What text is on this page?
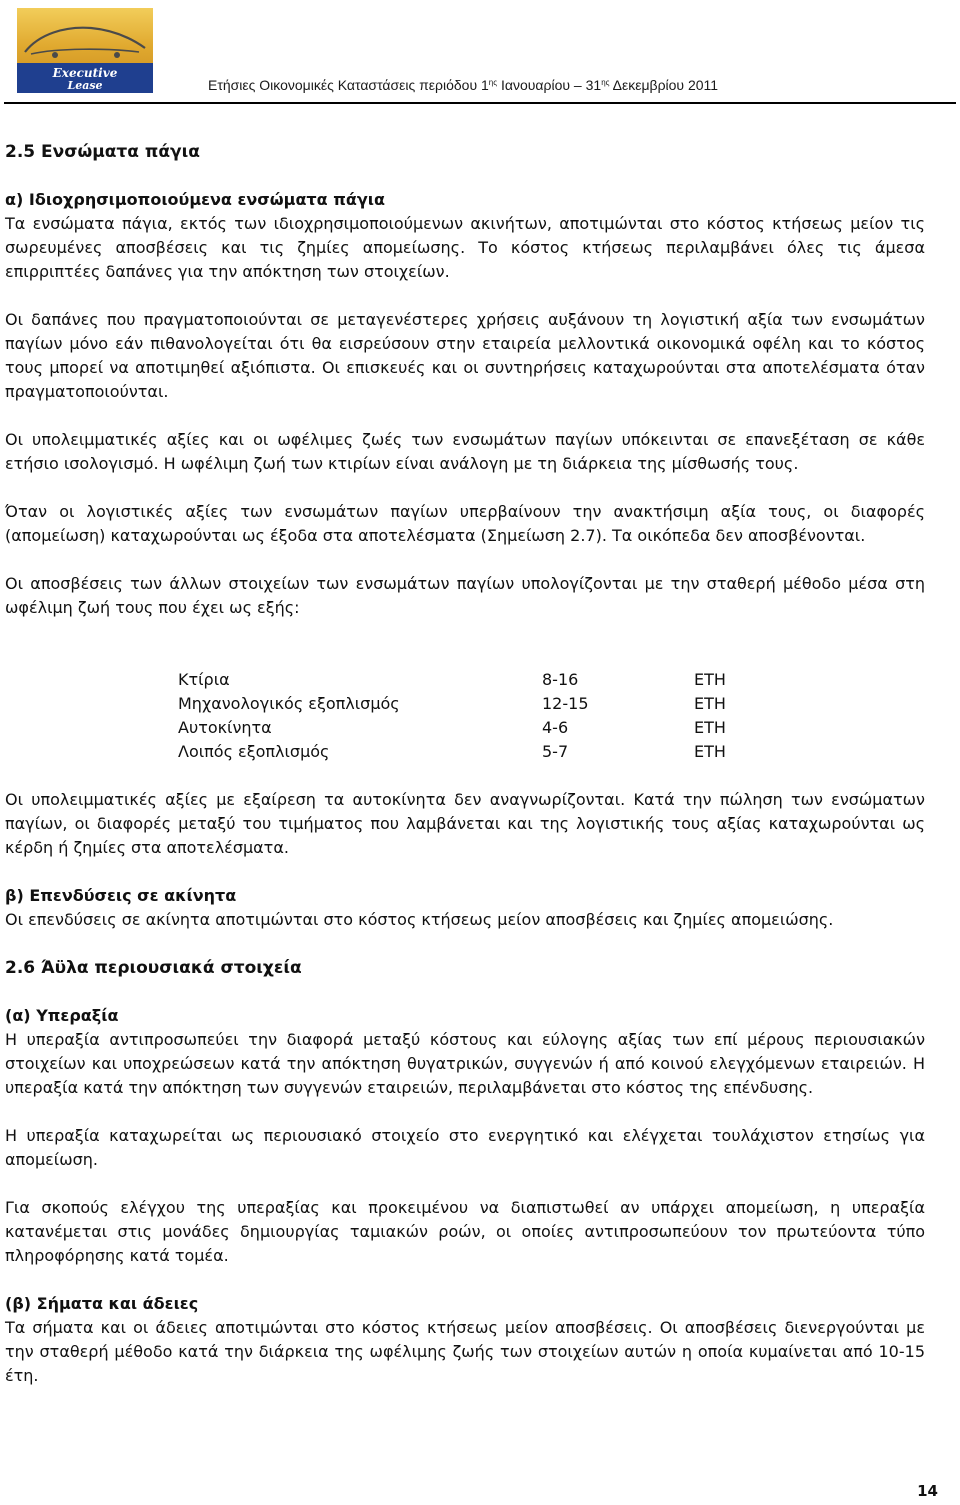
Executive
Lease	Ετήσιες Οικονομικές Καταστάσεις περιόδου $1^{\eta\varsigma}$ Ιανουαρίου – $31^{\eta\varsigma}$ Δεκεμβρίου 2011
2.5 Ενσώματα πάγια

α) Ιδιοχρησιμοποιούμενα ενσώματα πάγια

Τα ενσώματα πάγια, εκτός των ιδιοχρησιμοποιούμενων ακινήτων, αποτιμώνται στο κόστος κτήσεως μείον τις σωρευμένες αποσβέσεις και τις ζημίες απομείωσης. Το κόστος κτήσεως περιλαμβάνει όλες τις άμεσα επιρριπτέες δαπάνες για την απόκτηση των στοιχείων.

Οι δαπάνες που πραγματοποιούνται σε μεταγενέστερες χρήσεις αυξάνουν τη λογιστική αξία των ενσωμάτων παγίων μόνο εάν πιθανολογείται ότι θα εισρεύσουν στην εταιρεία μελλοντικά οικονομικά οφέλη και το κόστος τους μπορεί να αποτιμηθεί αξιόπιστα. Οι επισκευές και οι συντηρήσεις καταχωρούνται στα αποτελέσματα όταν πραγματοποιούνται.

Οι υπολειμματικές αξίες και οι ωφέλιμες ζωές των ενσωμάτων παγίων υπόκεινται σε επανεξέταση σε κάθε ετήσιο ισολογισμό. Η ωφέλιμη ζωή των κτιρίων είναι ανάλογη με τη διάρκεια της μίσθωσής τους.

Όταν οι λογιστικές αξίες των ενσωμάτων παγίων υπερβαίνουν την ανακτήσιμη αξία τους, οι διαφορές (απομείωση) καταχωρούνται ως έξοδα στα αποτελέσματα (Σημείωση 2.7). Τα οικόπεδα δεν αποσβένονται.

Οι αποσβέσεις των άλλων στοιχείων των ενσωμάτων παγίων υπολογίζονται με την σταθερή μέθοδο μέσα στη ωφέλιμη ζωή τους που έχει ως εξής:

Κτίρια	8-16	ΕΤΗ
Μηχανολογικός εξοπλισμός	12-15	ΕΤΗ
Αυτοκίνητα	4-6	ΕΤΗ
Λοιπός εξοπλισμός	5-7	ΕΤΗ

Οι υπολειμματικές αξίες με εξαίρεση τα αυτοκίνητα δεν αναγνωρίζονται. Κατά την πώληση των ενσώματων παγίων, οι διαφορές μεταξύ του τιμήματος που λαμβάνεται και της λογιστικής τους αξίας καταχωρούνται ως κέρδη ή ζημίες στα αποτελέσματα.

β) Επενδύσεις σε ακίνητα

Οι επενδύσεις σε ακίνητα αποτιμώνται στο κόστος κτήσεως μείον αποσβέσεις και ζημίες απομειώσης.

2.6 Άϋλα περιουσιακά στοιχεία

(α) Υπεραξία

Η υπεραξία αντιπροσωπεύει την διαφορά μεταξύ κόστους και εύλογης αξίας των επί μέρους περιουσιακών στοιχείων και υποχρεώσεων κατά την απόκτηση θυγατρικών, συγγενών ή από κοινού ελεγχόμενων εταιρειών. Η υπεραξία κατά την απόκτηση των συγγενών εταιρειών, περιλαμβάνεται στο κόστος της επένδυσης.

Η υπεραξία καταχωρείται ως περιουσιακό στοιχείο στο ενεργητικό και ελέγχεται τουλάχιστον ετησίως για απομείωση.

Για σκοπούς ελέγχου της υπεραξίας και προκειμένου να διαπιστωθεί αν υπάρχει απομείωση, η υπεραξία κατανέμεται στις μονάδες δημιουργίας ταμιακών ροών, οι οποίες αντιπροσωπεύουν τον πρωτεύοντα τύπο πληροφόρησης κατά τομέα.

(β) Σήματα και άδειες

Τα σήματα και οι άδειες αποτιμώνται στο κόστος κτήσεως μείον αποσβέσεις. Οι αποσβέσεις διενεργούνται με την σταθερή μέθοδο κατά την διάρκεια της ωφέλιμης ζωής των στοιχείων αυτών η οποία κυμαίνεται από 10-15 έτη.

14
